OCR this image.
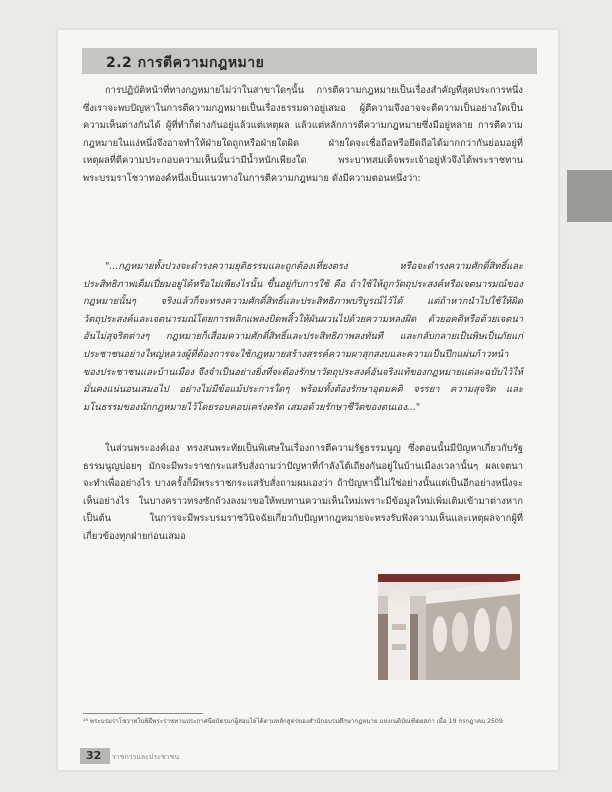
2.2 การตีความกฎหมาย

การปฏิบัติหน้าที่ทางกฎหมายไม่ว่าในสาขาใดๆนั้น การตีความกฎหมายเป็นเรื่องสำคัญที่สุดประการหนึ่ง ซึ่งเราจะพบปัญหาในการตีความกฎหมายเป็นเรื่องธรรมดาอยู่เสมอ ผู้ตีความจึงอาจจะตีความเป็นอย่างใดเป็นความเห็นต่างกันได้ ผู้ที่ทำก็ต่างกันอยู่แล้วแต่เหตุผล แล้วแต่หลักการตีความกฎหมายซึ่งมีอยู่หลาย การตีความกฎหมายในแง่หนึ่งจึงอาจทำให้ฝ่ายใดถูกหรือฝ่ายใดผิด ฝ่ายใดจะเชื่อถือหรือยึดถือได้มากกว่ากันย่อมอยู่ที่เหตุผลที่ตีความประกอบความเห็นนั้นว่ามีน้ำหนักเพียงใด พระบาทสมเด็จพระเจ้าอยู่หัวจึงได้พระราชทานพระบรมราโชวาทองค์หนึ่งเป็นแนวทางในการตีความกฎหมาย ดังมีความตอนหนึ่งว่า:

"...กฎหมายทั้งปวงจะดำรงความยุติธรรมและถูกต้องเที่ยงตรง หรือจะดำรงความศักดิ์สิทธิ์และประสิทธิภาพเต็มเปี่ยมอยู่ได้หรือไม่เพียงไรนั้น ขึ้นอยู่กับการใช้ คือ ถ้าใช้ให้ถูกวัตถุประสงค์หรือเจตนารมณ์ของกฎหมายนั้นๆ จริงแล้วก็จะทรงความศักดิ์สิทธิ์และประสิทธิภาพบริบูรณ์ไว้ได้ แต่ถ้าหากนำไปใช้ให้ผิดวัตถุประสงค์และเจตนารมณ์โดยการพลิกแพลงบิดพลิ้วให้ผันผวนไปด้วยความหลงผิด ด้วยอคติหรือด้วยเจตนาอันไม่สุจริตต่างๆ กฎหมายก็เสื่อมความศักดิ์สิทธิ์และประสิทธิภาพลงทันที และกลับกลายเป็นพิษเป็นภัยแก่ประชาชนอย่างใหญ่หลวงผู้ที่ต้องการจะใช้กฎหมายสร้างสรรค์ความผาสุกสงบและความเป็นปึกแผ่นก้าวหน้าของประชาชนและบ้านเมือง จึงจำเป็นอย่างยิ่งที่จะต้องรักษาวัตถุประสงค์อันจริงแท้ของกฎหมายแต่ละฉบับไว้ให้มั่นคงแน่นอนเสมอไป อย่างไม่มีข้อแม้ประการใดๆ พร้อมทั้งต้องรักษาอุดมคติ จรรยา ความสุจริต และมโนธรรมของนักกฎหมายไว้โดยรอบคอบเคร่งครัด เสมอด้วยรักษาชีวิตของตนเอง..."

ในส่วนพระองค์เอง ทรงสนพระทัยเป็นพิเศษในเรื่องการตีความรัฐธรรมนูญ ซึ่งตอนนั้นมีปัญหาเกี่ยวกับรัฐธรรมนูญบ่อยๆ มักจะมีพระราชกระแสรับสั่งถามว่าปัญหาที่กำลังโต้เถียงกันอยู่ในบ้านเมืองเวลานั้นๆ ผลเจตนาจะทำเพื่ออย่างไร บางครั้งก็มีพระราชกระแสรับสั่งถามผมเองว่า ถ้าปัญหานี้ไม่ใช่อย่างนั้นแต่เป็นอีกอย่างหนึ่งจะเห็นอย่างไร ในบางคราวทรงซักถ้วงลงมาขอให้พบทานความเห็นใหม่เพราะมีข้อมูลใหม่เพิ่มเติมเข้ามาต่างหาก เป็นต้น ในการจะมีพระบรมราชวินิจฉัยเกี่ยวกับปัญหากฎหมายจะทรงรับฟังความเห็นและเหตุผลจากผู้ที่เกี่ยวข้องทุกฝ่ายก่อนเสมอ

¹⁸ พระบรมราโชวาทในพิธีพระราชทานประกาศนียบัตรแก่ผู้สอบไล่ได้ตามหลักสูตรของสำนักอบรมศึกษากฎหมาย แห่งเนติบัณฑิตยสภา เมื่อ 19 กรกฎาคม 2509

32 ราชการและประชาชน
